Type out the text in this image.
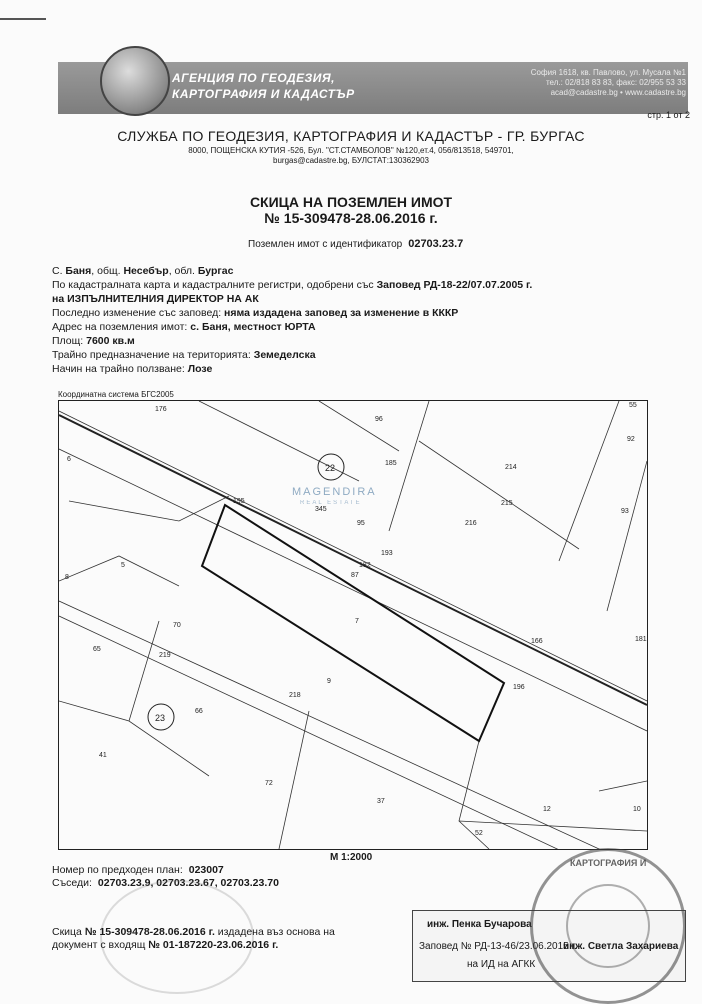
АГЕНЦИЯ ПО ГЕОДЕЗИЯ,
КАРТОГРАФИЯ И КАДАСТЪР
София 1618, кв. Павлово, ул. Мусала №1
тел.: 02/818 83 83, факс: 02/955 53 33
acad@cadastre.bg • www.cadastre.bg
стр. 1 от 2
СЛУЖБА ПО ГЕОДЕЗИЯ, КАРТОГРАФИЯ И КАДАСТЪР - ГР. БУРГАС
8000, ПОЩЕНСКА КУТИЯ -526, Бул. "СТ.СТАМБОЛОВ" №120,ет.4, 056/813518, 549701,
burgas@cadastre.bg, БУЛСТАТ:130362903
СКИЦА НА ПОЗЕМЛЕН ИМОТ
№ 15-309478-28.06.2016 г.
Поземлен имот с идентификатор 02703.23.7
С. Баня, общ. Несебър, обл. Бургас
По кадастралната карта и кадастралните регистри, одобрени със Заповед РД-18-22/07.07.2005 г.
на ИЗПЪЛНИТЕЛНИЯ ДИРЕКТОР НА АК
Последно изменение със заповед: няма издадена заповед за изменение в КККР
Адрес на поземления имот: с. Баня, местност ЮРТА
Площ: 7600 кв.м
Трайно предназначение на територията: Земеделска
Начин на трайно ползване: Лозе
Координатна система БГС2005
176
96
55
92
6
22	185
214
215
216
345
95
93
195
193
182
87
5
8
7
70
166	181
65
219
9
196
218
23
66
41
72
37
12	10
52
MAGENDIRA
REAL ESTATE
M 1:2000
Номер по предходен план: 023007
Съседи: 02703.23.9, 02703.23.67, 02703.23.70
Скица № 15-309478-28.06.2016 г. издадена въз основа на
документ с входящ № 01-187220-23.06.2016 г.
инж. Пенка Бучарова
Заповед № РД-13-46/23.06.2015 г.
инж. Светла Захариева
на ИД на АГКК
КАРТОГРАФИЯ И
